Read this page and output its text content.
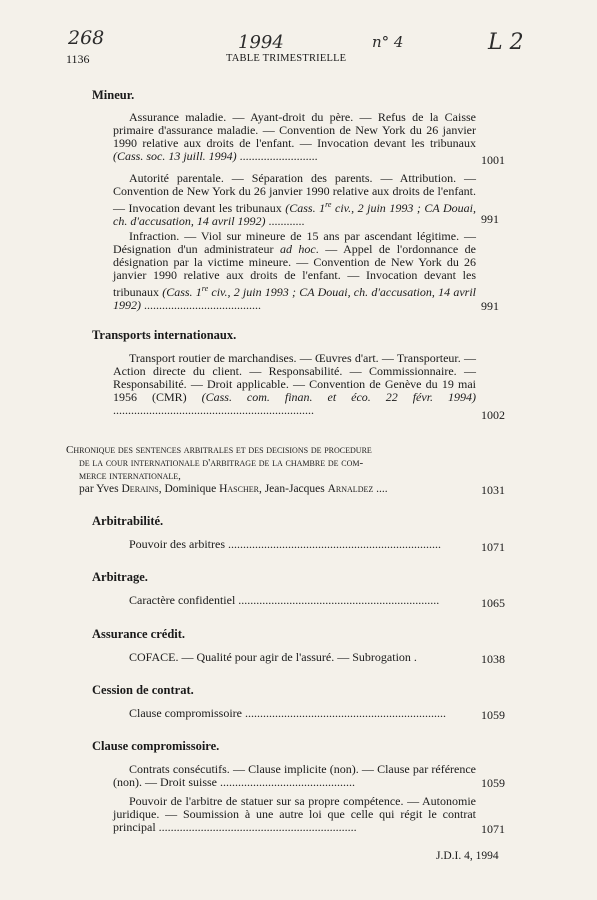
268	1994	n° 4	L 2
1136	TABLE TRIMESTRIELLE
Mineur.
Assurance maladie. — Ayant-droit du père. — Refus de la Caisse primaire d'assurance maladie. — Convention de New York du 26 janvier 1990 relative aux droits de l'enfant. — Invocation devant les tribunaux (Cass. soc. 13 juill. 1994) ..........................	1001
Autorité parentale. — Séparation des parents. — Attribution. — Convention de New York du 26 janvier 1990 relative aux droits de l'enfant. — Invocation devant les tribunaux (Cass. 1re civ., 2 juin 1993 ; CA Douai, ch. d'accusation, 14 avril 1992) ............	991
Infraction. — Viol sur mineure de 15 ans par ascendant légitime. — Désignation d'un administrateur ad hoc. — Appel de l'ordonnance de désignation par la victime mineure. — Convention de New York du 26 janvier 1990 relative aux droits de l'enfant. — Invocation devant les tribunaux (Cass. 1re civ., 2 juin 1993 ; CA Douai, ch. d'accusation, 14 avril 1992) .......................................	991
Transports internationaux.
Transport routier de marchandises. — Œuvres d'art. — Transporteur. — Action directe du client. — Responsabilité. — Commissionnaire. — Responsabilité. — Droit applicable. — Convention de Genève du 19 mai 1956 (CMR) (Cass. com. finan. et éco. 22 févr. 1994) ...................................................................	1002
Chronique des sentences arbitrales et des decisions de procedure
de la cour internationale d'arbitrage de la chambre de com-
merce internationale,
par Yves Derains, Dominique Hascher, Jean-Jacques Arnaldez ....	1031
Arbitrabilité.
Pouvoir des arbitres .......................................................................	1071
Arbitrage.
Caractère confidentiel ...................................................................	1065
Assurance crédit.
COFACE. — Qualité pour agir de l'assuré. — Subrogation .	1038
Cession de contrat.
Clause compromissoire ...................................................................	1059
Clause compromissoire.
Contrats consécutifs. — Clause implicite (non). — Clause par référence (non). — Droit suisse .............................................	1059
Pouvoir de l'arbitre de statuer sur sa propre compétence. — Autonomie juridique. — Soumission à une autre loi que celle qui régit le contrat principal ..................................................................	1071
J.D.I. 4, 1994
